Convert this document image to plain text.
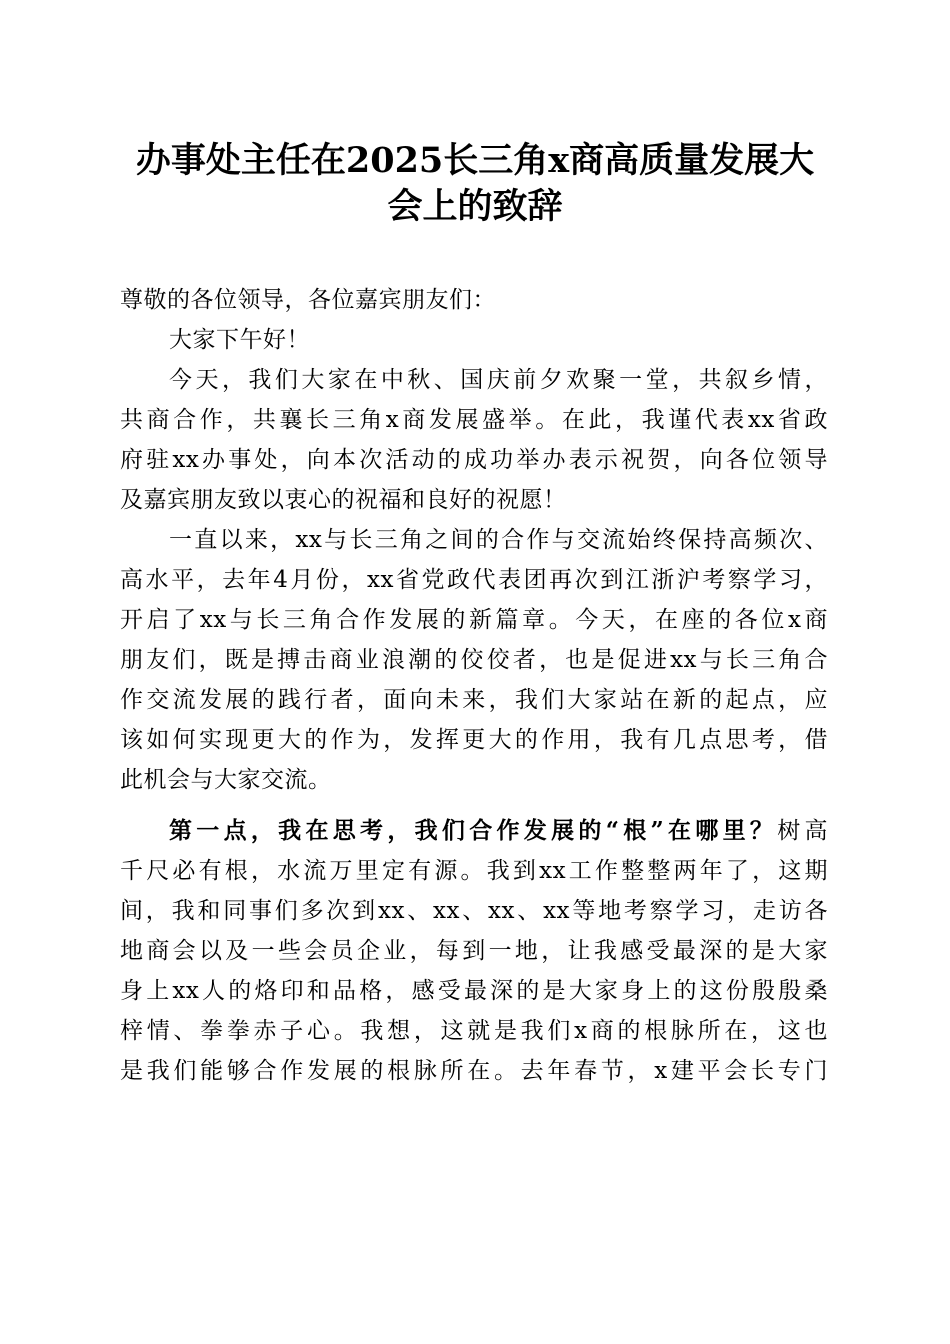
办事处主任在2025长三角x商高质量发展大
会上的致辞
尊敬的各位领导，各位嘉宾朋友们：
大家下午好！
今天，我们大家在中秋、国庆前夕欢聚一堂，共叙乡情，
共商合作，共襄长三角x商发展盛举。在此，我谨代表xx省政
府驻xx办事处，向本次活动的成功举办表示祝贺，向各位领导
及嘉宾朋友致以衷心的祝福和良好的祝愿！
一直以来，xx与长三角之间的合作与交流始终保持高频次、
高水平，去年4月份，xx省党政代表团再次到江浙沪考察学习，
开启了xx与长三角合作发展的新篇章。今天，在座的各位x商
朋友们，既是搏击商业浪潮的佼佼者，也是促进xx与长三角合
作交流发展的践行者，面向未来，我们大家站在新的起点，应
该如何实现更大的作为，发挥更大的作用，我有几点思考，借
此机会与大家交流。
第一点，我在思考，我们合作发展的“根”在哪里？树高
千尺必有根，水流万里定有源。我到xx工作整整两年了，这期
间，我和同事们多次到xx、xx、xx、xx等地考察学习，走访各
地商会以及一些会员企业，每到一地，让我感受最深的是大家
身上xx人的烙印和品格，感受最深的是大家身上的这份殷殷桑
梓情、拳拳赤子心。我想，这就是我们x商的根脉所在，这也
是我们能够合作发展的根脉所在。去年春节，x建平会长专门
